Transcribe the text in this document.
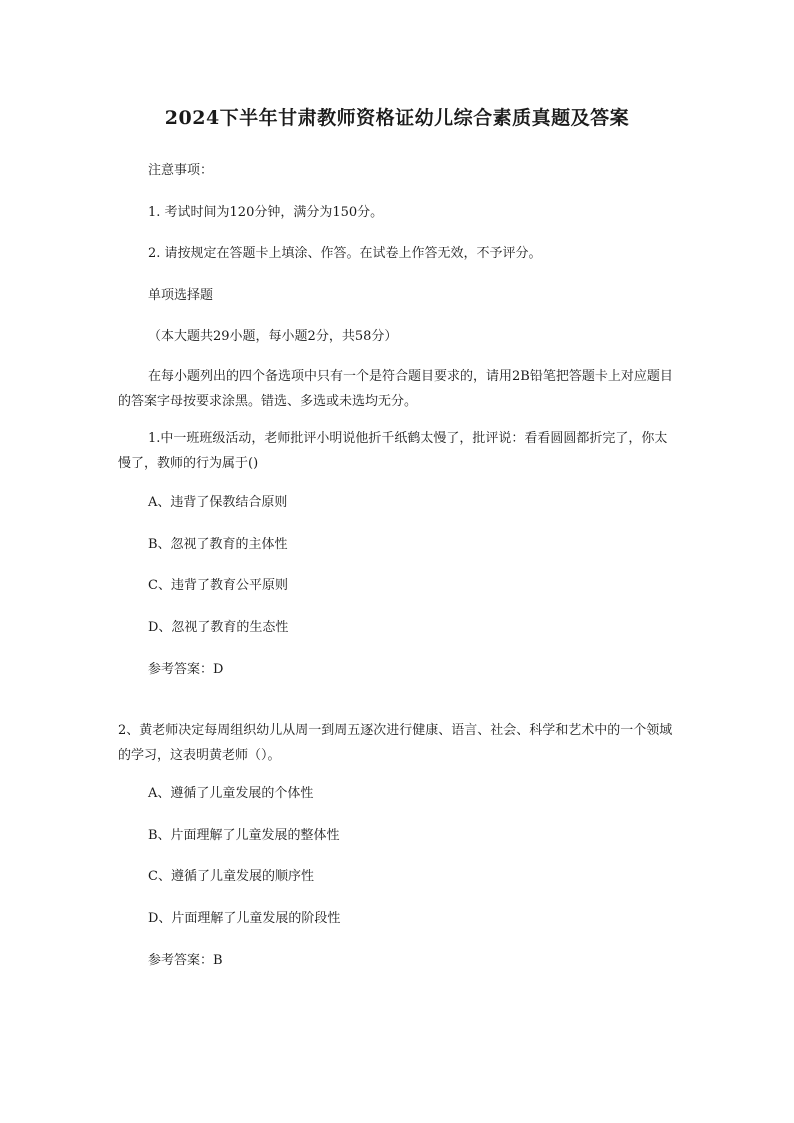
2024下半年甘肃教师资格证幼儿综合素质真题及答案
注意事项：
1. 考试时间为120分钟，满分为150分。
2. 请按规定在答题卡上填涂、作答。在试卷上作答无效，不予评分。
单项选择题
（本大题共29小题，每小题2分，共58分）
在每小题列出的四个备选项中只有一个是符合题目要求的，请用2B铅笔把答题卡上对应题目的答案字母按要求涂黑。错选、多选或未选均无分。
1.中一班班级活动，老师批评小明说他折千纸鹤太慢了，批评说：看看圆圆都折完了，你太慢了，教师的行为属于()
A、违背了保教结合原则
B、忽视了教育的主体性
C、违背了教育公平原则
D、忽视了教育的生态性
参考答案：D
2、黄老师决定每周组织幼儿从周一到周五逐次进行健康、语言、社会、科学和艺术中的一个领域的学习，这表明黄老师（）。
A、遵循了儿童发展的个体性
B、片面理解了儿童发展的整体性
C、遵循了儿童发展的顺序性
D、片面理解了儿童发展的阶段性
参考答案：B
